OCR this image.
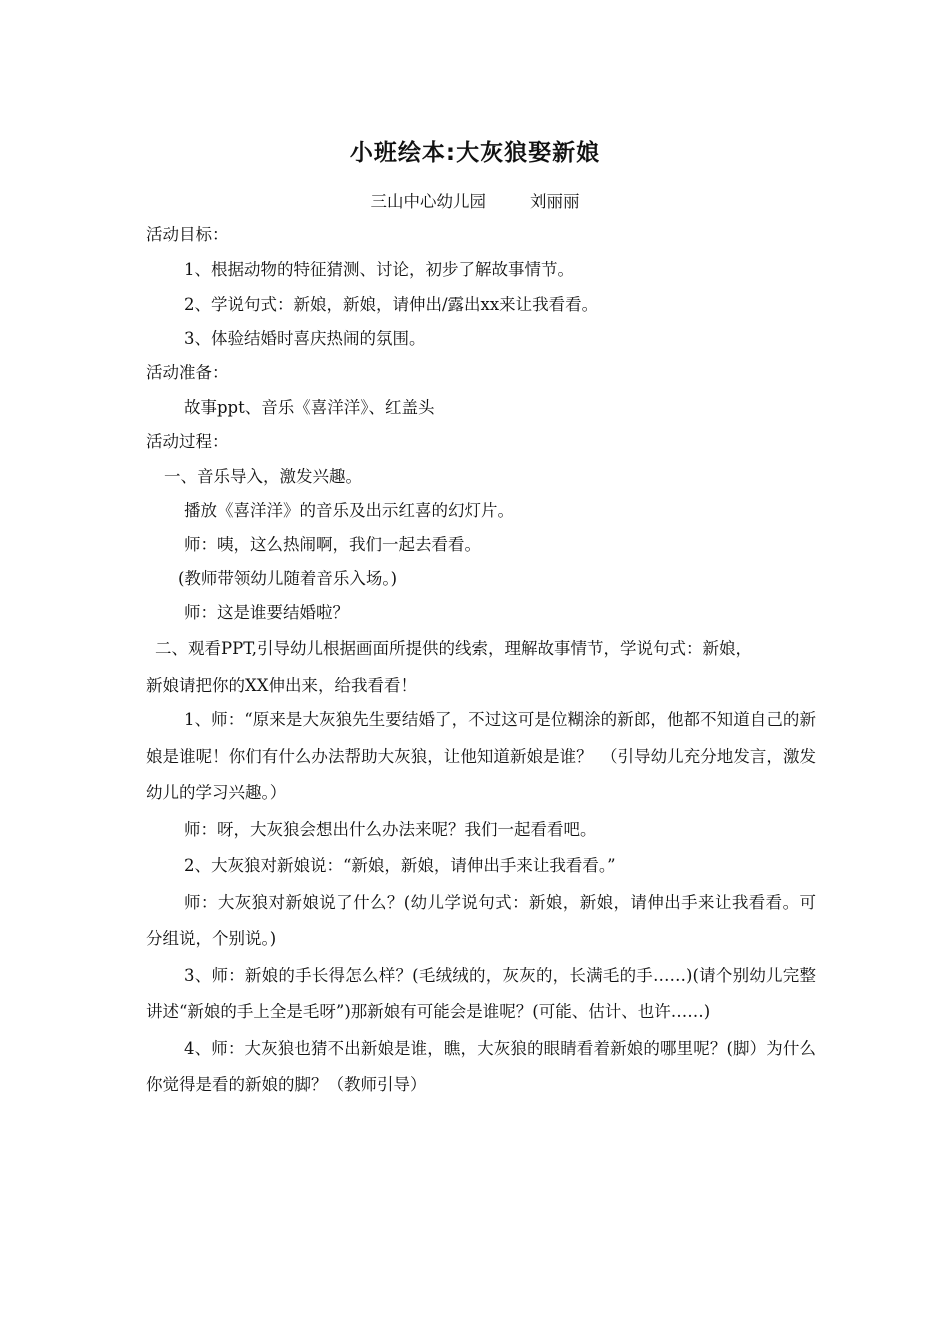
小班绘本:大灰狼娶新娘
三山中心幼儿园	刘丽丽
活动目标：
1、根据动物的特征猜测、讨论，初步了解故事情节。
2、学说句式：新娘，新娘，请伸出/露出xx来让我看看。
3、体验结婚时喜庆热闹的氛围。
活动准备：
故事ppt、音乐《喜洋洋》、红盖头
活动过程：
一、音乐导入，激发兴趣。
播放《喜洋洋》的音乐及出示红喜的幻灯片。
师：咦，这么热闹啊，我们一起去看看。
(教师带领幼儿随着音乐入场。)
师：这是谁要结婚啦？
二、观看PPT,引导幼儿根据画面所提供的线索，理解故事情节，学说句式：新娘，
新娘请把你的XX伸出来，给我看看！
1、师：“原来是大灰狼先生要结婚了，不过这可是位糊涂的新郎，他都不知道自己的新娘是谁呢！你们有什么办法帮助大灰狼，让他知道新娘是谁？　（引导幼儿充分地发言，激发幼儿的学习兴趣。）
师：呀，大灰狼会想出什么办法来呢？我们一起看看吧。
2、大灰狼对新娘说：“新娘，新娘，请伸出手来让我看看。”
师：大灰狼对新娘说了什么？(幼儿学说句式：新娘，新娘，请伸出手来让我看看。可分组说，个别说。)
3、师：新娘的手长得怎么样？(毛绒绒的，灰灰的，长满毛的手……)(请个别幼儿完整讲述“新娘的手上全是毛呀”)那新娘有可能会是谁呢？(可能、估计、也许……)
4、师：大灰狼也猜不出新娘是谁，瞧，大灰狼的眼睛看着新娘的哪里呢？(脚）为什么你觉得是看的新娘的脚？（教师引导）
